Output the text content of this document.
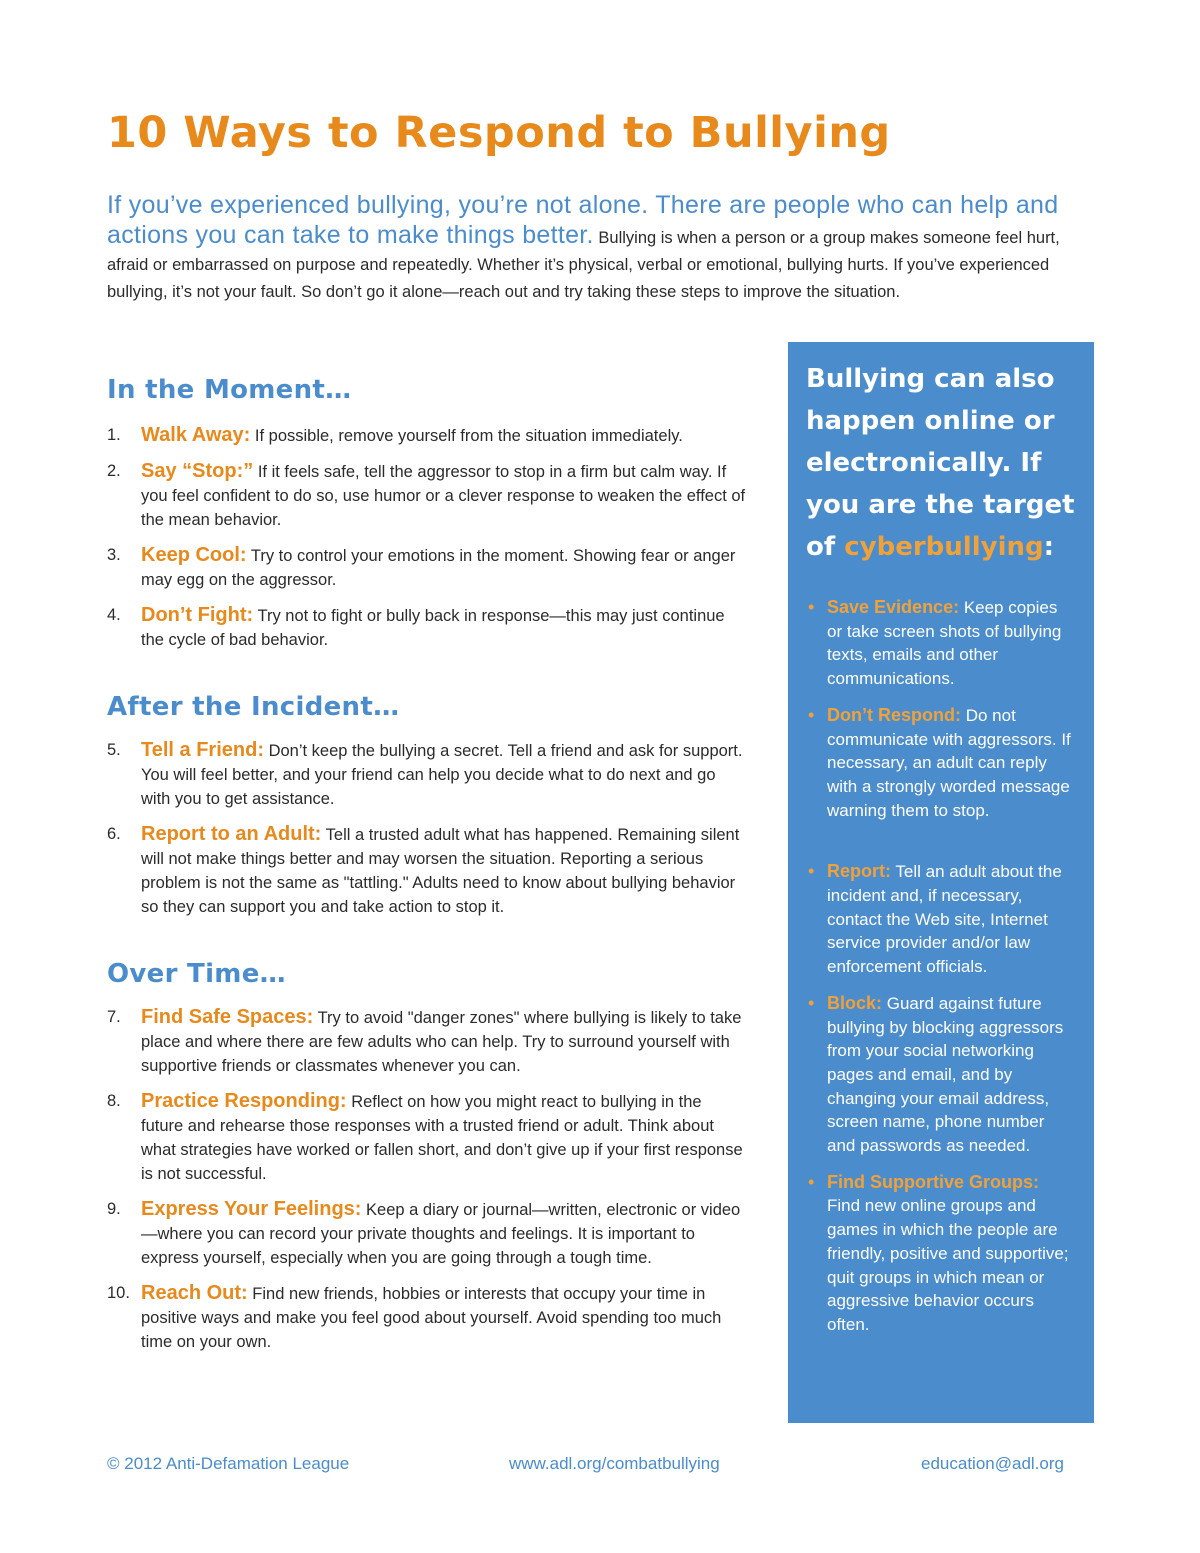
10 Ways to Respond to Bullying

If you’ve experienced bullying, you’re not alone. There are people who can help and actions you can take to make things better. Bullying is when a person or a group makes someone feel hurt, afraid or embarrassed on purpose and repeatedly. Whether it’s physical, verbal or emotional, bullying hurts. If you’ve experienced bullying, it’s not your fault. So don’t go it alone—reach out and try taking these steps to improve the situation.

In the Moment…
1. Walk Away: If possible, remove yourself from the situation immediately.
2. Say “Stop:” If it feels safe, tell the aggressor to stop in a firm but calm way. If you feel confident to do so, use humor or a clever response to weaken the effect of the mean behavior.
3. Keep Cool: Try to control your emotions in the moment. Showing fear or anger may egg on the aggressor.
4. Don’t Fight: Try not to fight or bully back in response—this may just continue the cycle of bad behavior.
After the Incident…
5. Tell a Friend: Don’t keep the bullying a secret. Tell a friend and ask for support. You will feel better, and your friend can help you decide what to do next and go with you to get assistance.
6. Report to an Adult: Tell a trusted adult what has happened. Remaining silent will not make things better and may worsen the situation. Reporting a serious problem is not the same as "tattling." Adults need to know about bullying behavior so they can support you and take action to stop it.
Over Time…
7. Find Safe Spaces: Try to avoid "danger zones" where bullying is likely to take place and where there are few adults who can help. Try to surround yourself with supportive friends or classmates whenever you can.
8. Practice Responding: Reflect on how you might react to bullying in the future and rehearse those responses with a trusted friend or adult. Think about what strategies have worked or fallen short, and don’t give up if your first response is not successful.
9. Express Your Feelings: Keep a diary or journal—written, electronic or video—where you can record your private thoughts and feelings. It is important to express yourself, especially when you are going through a tough time.
10. Reach Out: Find new friends, hobbies or interests that occupy your time in positive ways and make you feel good about yourself. Avoid spending too much time on your own.
Bullying can also happen online or electronically. If you are the target of cyberbullying:
• Save Evidence: Keep copies or take screen shots of bullying texts, emails and other communications.
• Don’t Respond: Do not communicate with aggressors. If necessary, an adult can reply with a strongly worded message warning them to stop.
• Report: Tell an adult about the incident and, if necessary, contact the Web site, Internet service provider and/or law enforcement officials.
• Block: Guard against future bullying by blocking aggressors from your social networking pages and email, and by changing your email address, screen name, phone number and passwords as needed.
• Find Supportive Groups: Find new online groups and games in which the people are friendly, positive and supportive; quit groups in which mean or aggressive behavior occurs often.
© 2012 Anti-Defamation League	www.adl.org/combatbullying	education@adl.org
